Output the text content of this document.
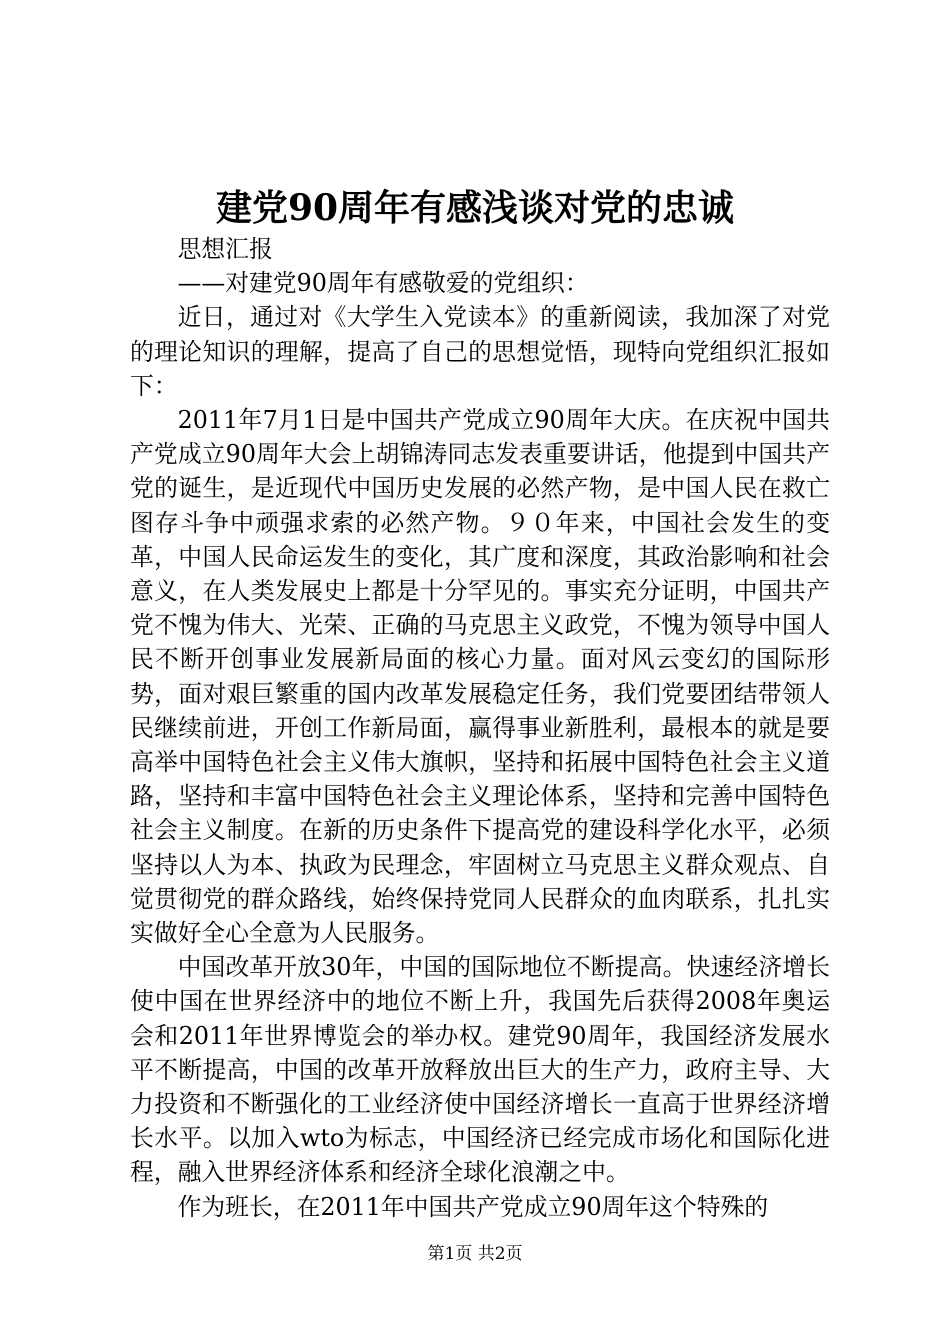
建党90周年有感浅谈对党的忠诚

思想汇报

——对建党90周年有感敬爱的党组织：

近日，通过对《大学生入党读本》的重新阅读，我加深了对党的理论知识的理解，提高了自己的思想觉悟，现特向党组织汇报如下：

2011年7月1日是中国共产党成立90周年大庆。在庆祝中国共产党成立90周年大会上胡锦涛同志发表重要讲话，他提到中国共产党的诞生，是近现代中国历史发展的必然产物，是中国人民在救亡图存斗争中顽强求索的必然产物。９０年来，中国社会发生的变革，中国人民命运发生的变化，其广度和深度，其政治影响和社会意义，在人类发展史上都是十分罕见的。事实充分证明，中国共产党不愧为伟大、光荣、正确的马克思主义政党，不愧为领导中国人民不断开创事业发展新局面的核心力量。面对风云变幻的国际形势，面对艰巨繁重的国内改革发展稳定任务，我们党要团结带领人民继续前进，开创工作新局面，赢得事业新胜利，最根本的就是要高举中国特色社会主义伟大旗帜，坚持和拓展中国特色社会主义道路，坚持和丰富中国特色社会主义理论体系，坚持和完善中国特色社会主义制度。在新的历史条件下提高党的建设科学化水平，必须坚持以人为本、执政为民理念，牢固树立马克思主义群众观点、自觉贯彻党的群众路线，始终保持党同人民群众的血肉联系，扎扎实实做好全心全意为人民服务。

中国改革开放30年，中国的国际地位不断提高。快速经济增长使中国在世界经济中的地位不断上升，我国先后获得2008年奥运会和2011年世界博览会的举办权。建党90周年，我国经济发展水平不断提高，中国的改革开放释放出巨大的生产力，政府主导、大力投资和不断强化的工业经济使中国经济增长一直高于世界经济增长水平。以加入wto为标志，中国经济已经完成市场化和国际化进程，融入世界经济体系和经济全球化浪潮之中。

作为班长，在2011年中国共产党成立90周年这个特殊的

第1页 共2页
